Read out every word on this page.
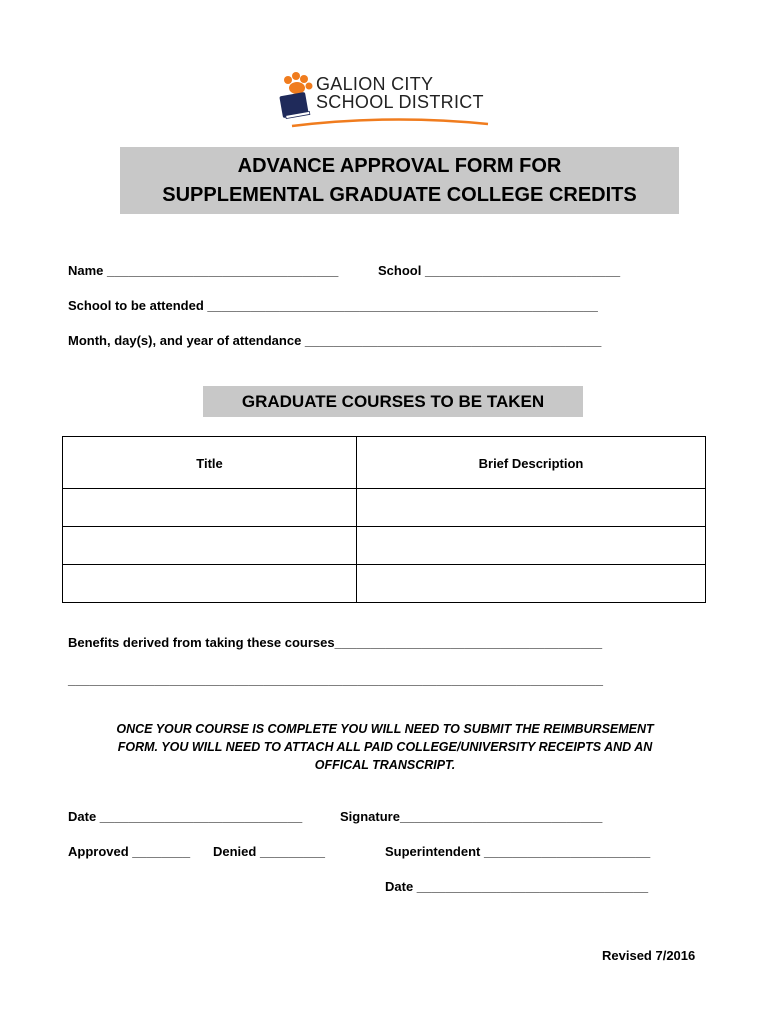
GALION CITY
SCHOOL DISTRICT
ADVANCE APPROVAL FORM FOR
SUPPLEMENTAL GRADUATE COLLEGE CREDITS
Name ________________________________	School ___________________________
School to be attended ______________________________________________________
Month, day(s), and year of attendance _________________________________________
GRADUATE COURSES TO BE TAKEN
Title	Brief Description

Benefits derived from taking these courses_____________________________________
__________________________________________________________________________
ONCE YOUR COURSE IS COMPLETE YOU WILL NEED TO SUBMIT THE REIMBURSEMENT
FORM. YOU WILL NEED TO ATTACH ALL PAID COLLEGE/UNIVERSITY RECEIPTS AND AN
OFFICAL TRANSCRIPT.
Date ____________________________	Signature____________________________
Approved ________ Denied _________	Superintendent _______________________
Date ________________________________
Revised 7/2016
